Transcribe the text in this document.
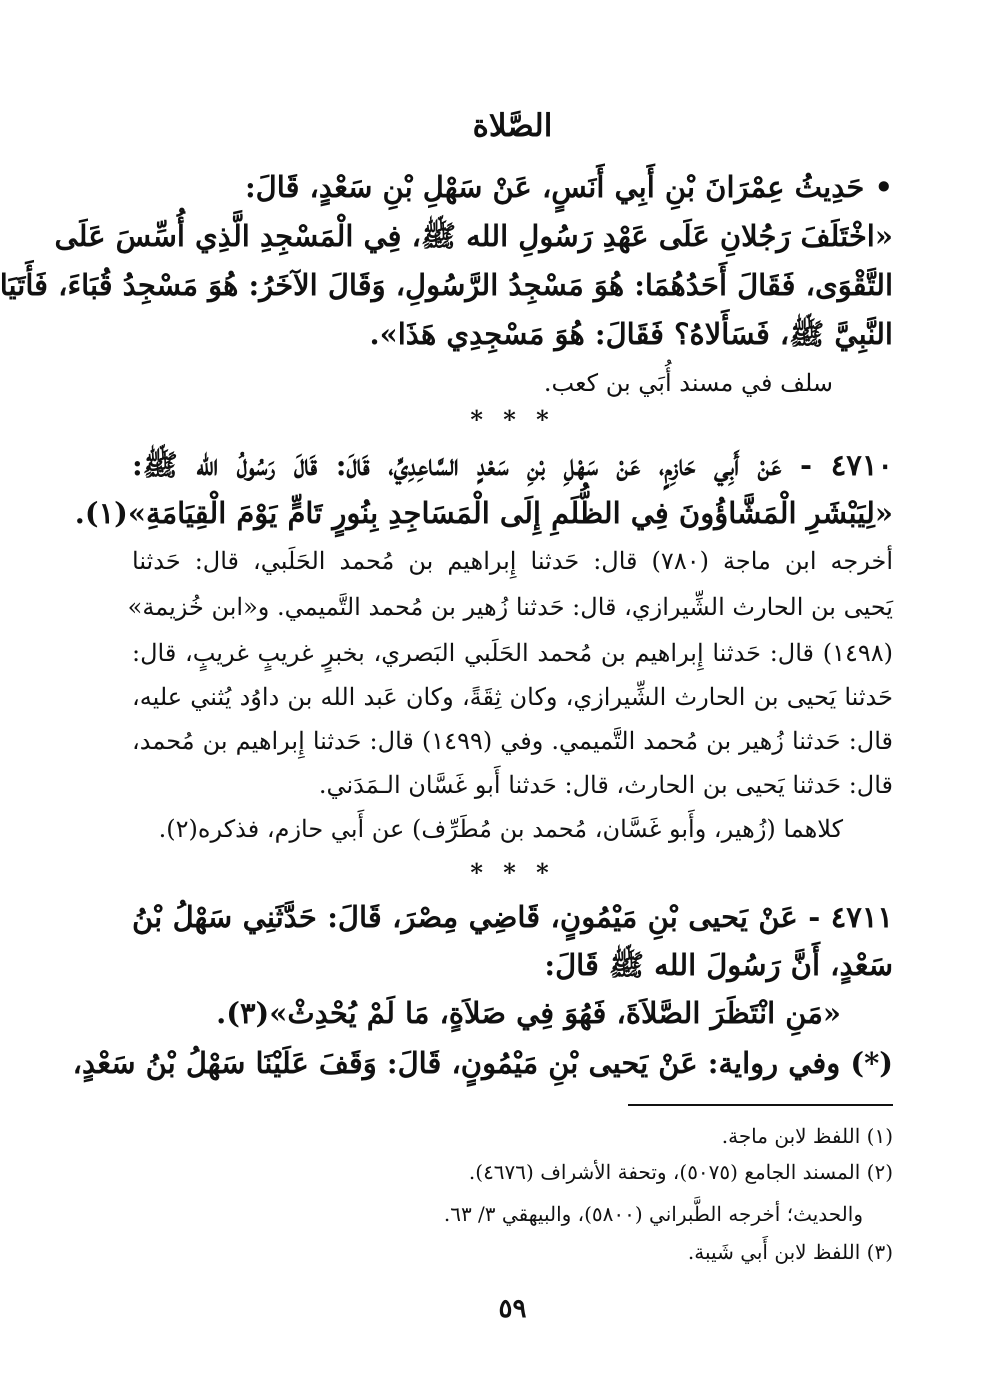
الصَّلاة

• حَدِيثُ عِمْرَانَ بْنِ أَبِي أَنَسٍ، عَنْ سَهْلِ بْنِ سَعْدٍ، قَالَ:

«اخْتَلَفَ رَجُلانِ عَلَى عَهْدِ رَسُولِ الله ﷺ، فِي الْمَسْجِدِ الَّذِي أُسِّسَ عَلَى

التَّقْوَى، فَقَالَ أَحَدُهُمَا: هُوَ مَسْجِدُ الرَّسُولِ، وَقَالَ الآخَرُ: هُوَ مَسْجِدُ قُبَاءَ، فَأَتَيَا

النَّبِيَّ ﷺ، فَسَأَلاهُ؟ فَقَالَ: هُوَ مَسْجِدِي هَذَا».

سلف في مسند أُبَي بن كعب.

* * *

٤٧١٠ - عَنْ أَبِي حَازِمٍ، عَنْ سَهْلِ بْنِ سَعْدٍ السَّاعِدِيِّ، قَالَ: قَالَ رَسُولُ الله ﷺ:

«لِيَبْشَرِ الْمَشَّاؤُونَ فِي الظُّلَمِ إِلَى الْمَسَاجِدِ بِنُورٍ تَامٍّ يَوْمَ الْقِيَامَةِ»(١).

أخرجه ابن ماجة (٧٨٠) قال: حَدثنا إِبراهيم بن مُحمد الحَلَبي، قال: حَدثنا

يَحيى بن الحارث الشِّيرازي، قال: حَدثنا زُهير بن مُحمد التَّميمي. و«ابن خُزيمة»

(١٤٩٨) قال: حَدثنا إِبراهيم بن مُحمد الحَلَبي البَصري، بخبرٍ غريبٍ غريبٍ، قال:

حَدثنا يَحيى بن الحارث الشِّيرازي، وكان ثِقَةً، وكان عَبد الله بن داوُد يُثني عليه،

قال: حَدثنا زُهير بن مُحمد التَّميمي. وفي (١٤٩٩) قال: حَدثنا إِبراهيم بن مُحمد،

قال: حَدثنا يَحيى بن الحارث، قال: حَدثنا أَبو غَسَّان الـمَدَني.

كلاهما (زُهير، وأَبو غَسَّان، مُحمد بن مُطَرِّف) عن أَبي حازم، فذكره(٢).

* * *

٤٧١١ - عَنْ يَحيى بْنِ مَيْمُونٍ، قَاضِي مِصْرَ، قَالَ: حَدَّثَنِي سَهْلُ بْنُ

سَعْدٍ، أَنَّ رَسُولَ الله ﷺ قَالَ:

«مَنِ انْتَظَرَ الصَّلاَةَ، فَهُوَ فِي صَلاَةٍ، مَا لَمْ يُحْدِثْ»(٣).

(*) وفي رواية: عَنْ يَحيى بْنِ مَيْمُونٍ، قَالَ: وَقَفَ عَلَيْنَا سَهْلُ بْنُ سَعْدٍ،

(١) اللفظ لابن ماجة.

(٢) المسند الجامع (٥٠٧٥)، وتحفة الأشراف (٤٦٧٦).

والحديث؛ أخرجه الطَّبراني (٥٨٠٠)، والبيهقي ٣/ ٦٣.

(٣) اللفظ لابن أَبي شَيبة.

٥٩
